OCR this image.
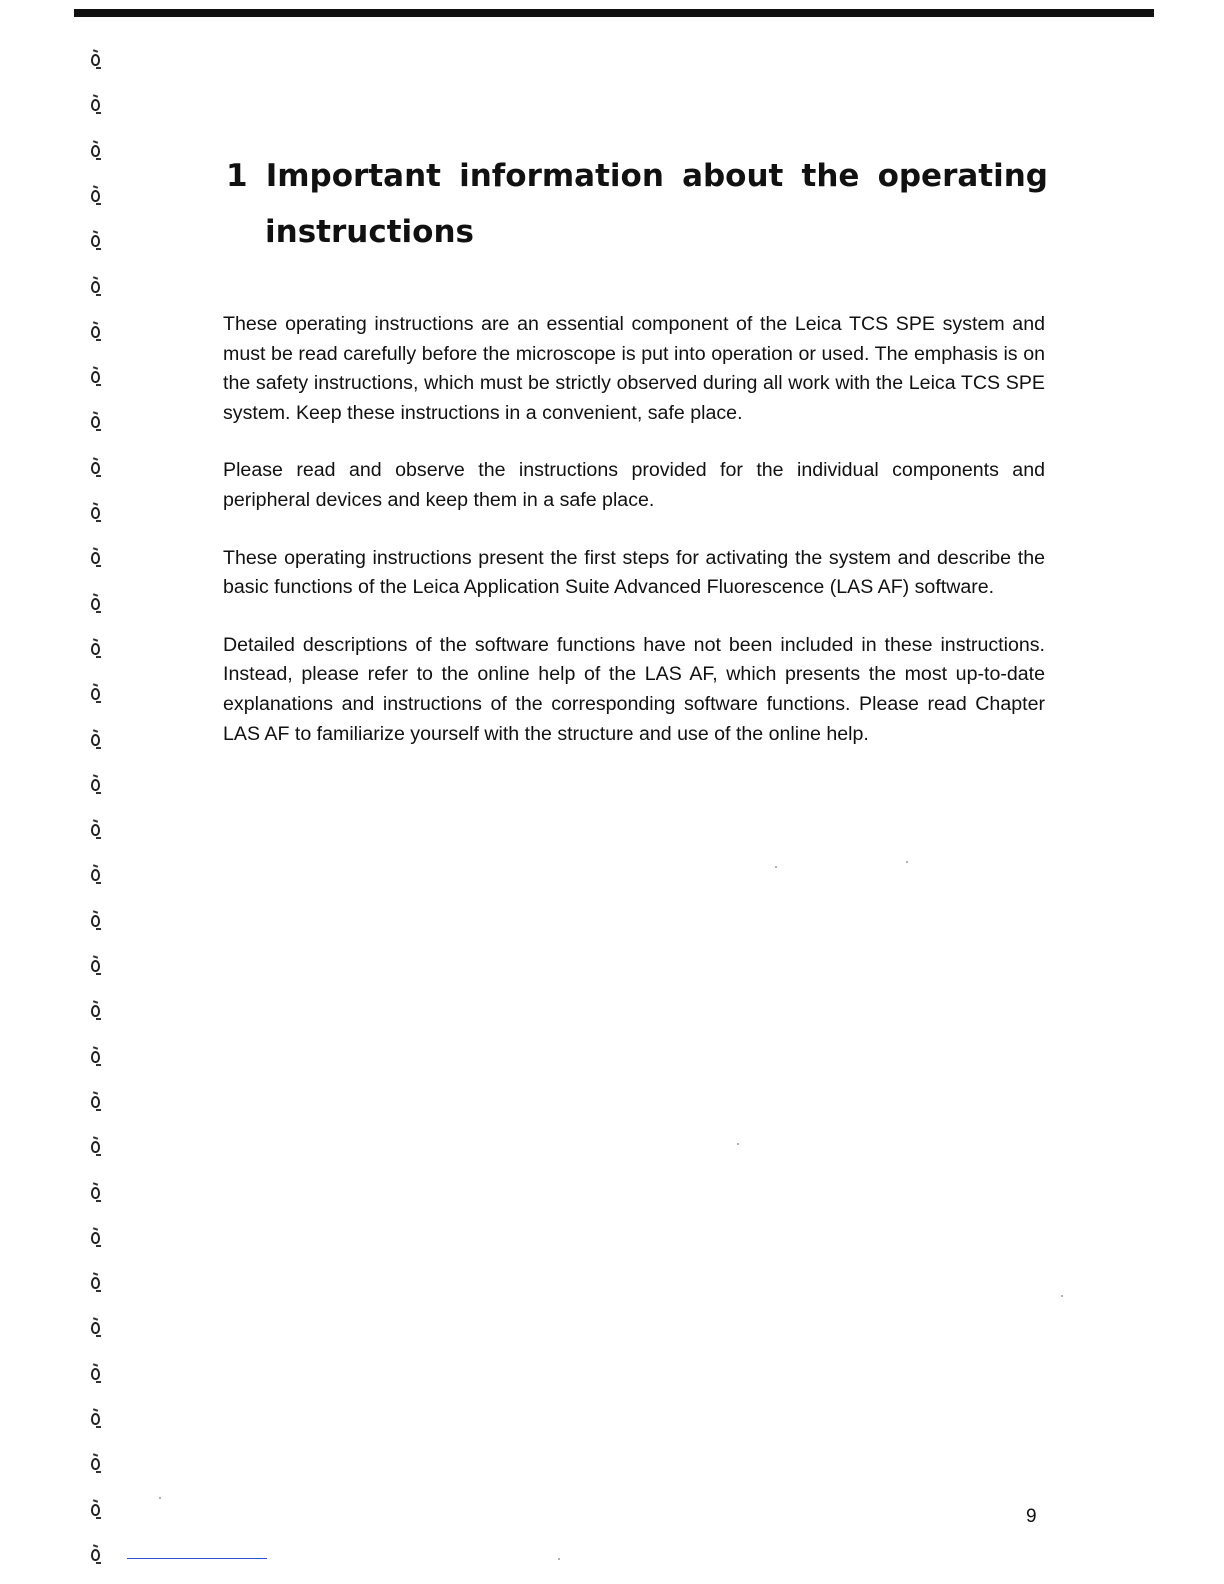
1 Important information about the operating
instructions

These operating instructions are an essential component of the Leica TCS SPE system and must be read carefully before the microscope is put into operation or used. The emphasis is on the safety instructions, which must be strictly observed during all work with the Leica TCS SPE system. Keep these instructions in a convenient, safe place.

Please read and observe the instructions provided for the individual components and peripheral devices and keep them in a safe place.

These operating instructions present the first steps for activating the system and describe the basic functions of the Leica Application Suite Advanced Fluorescence (LAS AF) software.

Detailed descriptions of the software functions have not been included in these instructions. Instead, please refer to the online help of the LAS AF, which presents the most up-to-date explanations and instructions of the corresponding software functions. Please read Chapter LAS AF to familiarize yourself with the structure and use of the online help.

9
